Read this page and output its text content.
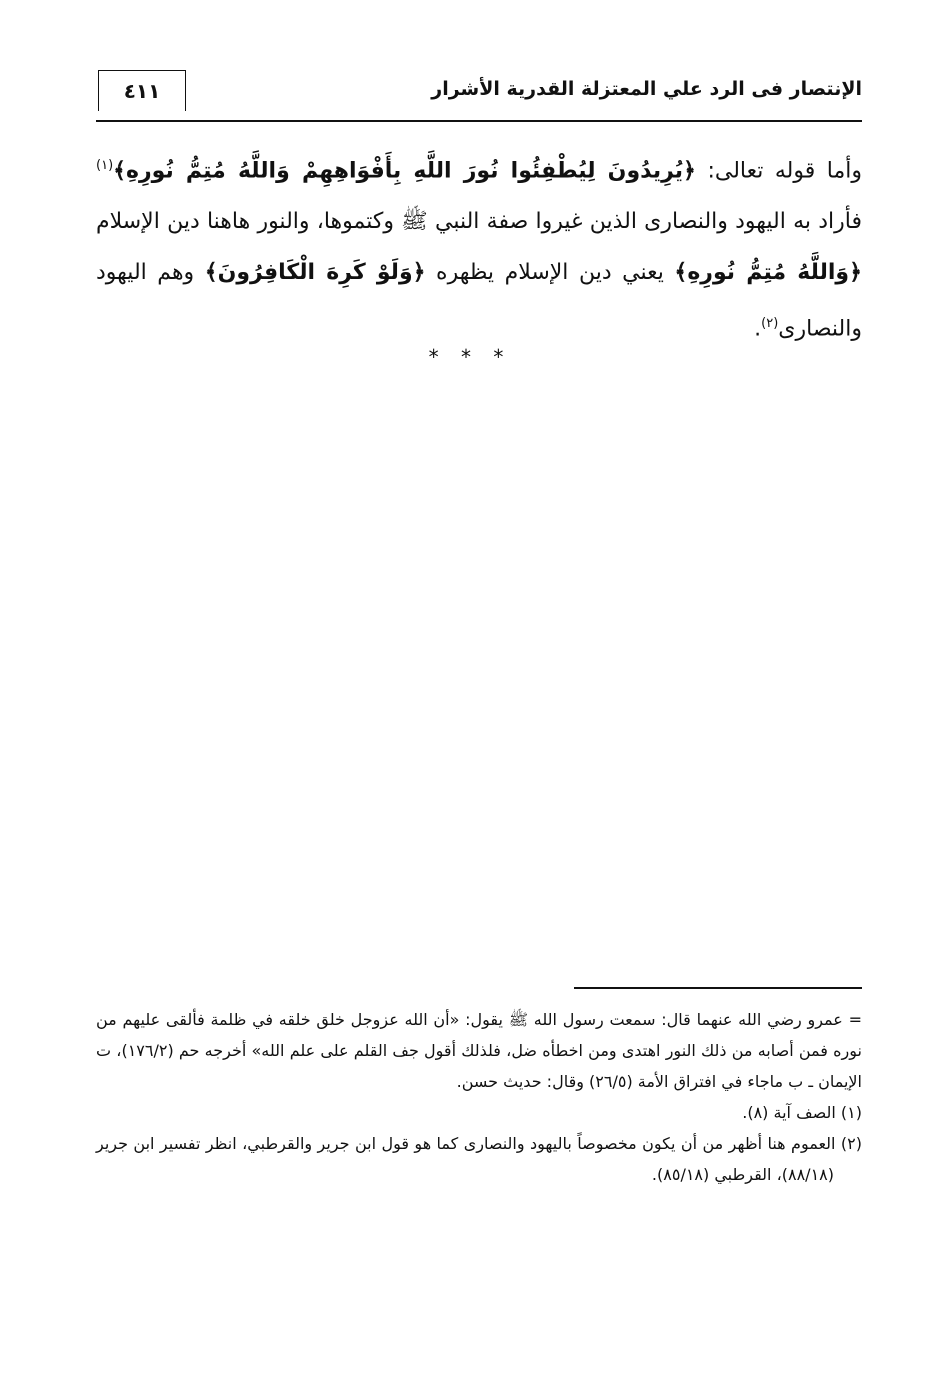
٤١١	الإنتصار فى الرد علي المعتزلة القدرية الأشرار

وأما قوله تعالى: ﴿يُرِيدُونَ لِيُطْفِئُوا نُورَ اللَّهِ بِأَفْوَاهِهِمْ وَاللَّهُ مُتِمُّ نُورِهِ﴾$^{(١)}$ فأراد به اليهود والنصارى الذين غيروا صفة النبي ﷺ وكتموها، والنور هاهنا دين الإسلام ﴿وَاللَّهُ مُتِمُّ نُورِهِ﴾ يعني دين الإسلام يظهره ﴿وَلَوْ كَرِهَ الْكَافِرُونَ﴾ وهم اليهود والنصارى$^{(٢)}$.

* * *

= عمرو رضي الله عنهما قال: سمعت رسول الله ﷺ يقول: «أن الله عزوجل خلق خلقه في ظلمة فألقى عليهم من نوره فمن أصابه من ذلك النور اهتدى ومن اخطأه ضل، فلذلك أقول جف القلم على علم الله» أخرجه حم (١٧٦/٢)، ت الإيمان ـ ب ماجاء في افتراق الأمة (٢٦/٥) وقال: حديث حسن.

(١) الصف آية (٨).

(٢) العموم هنا أظهر من أن يكون مخصوصاً باليهود والنصارى كما هو قول ابن جرير والقرطبي، انظر تفسير ابن جرير (٨٨/١٨)، القرطبي (٨٥/١٨).
